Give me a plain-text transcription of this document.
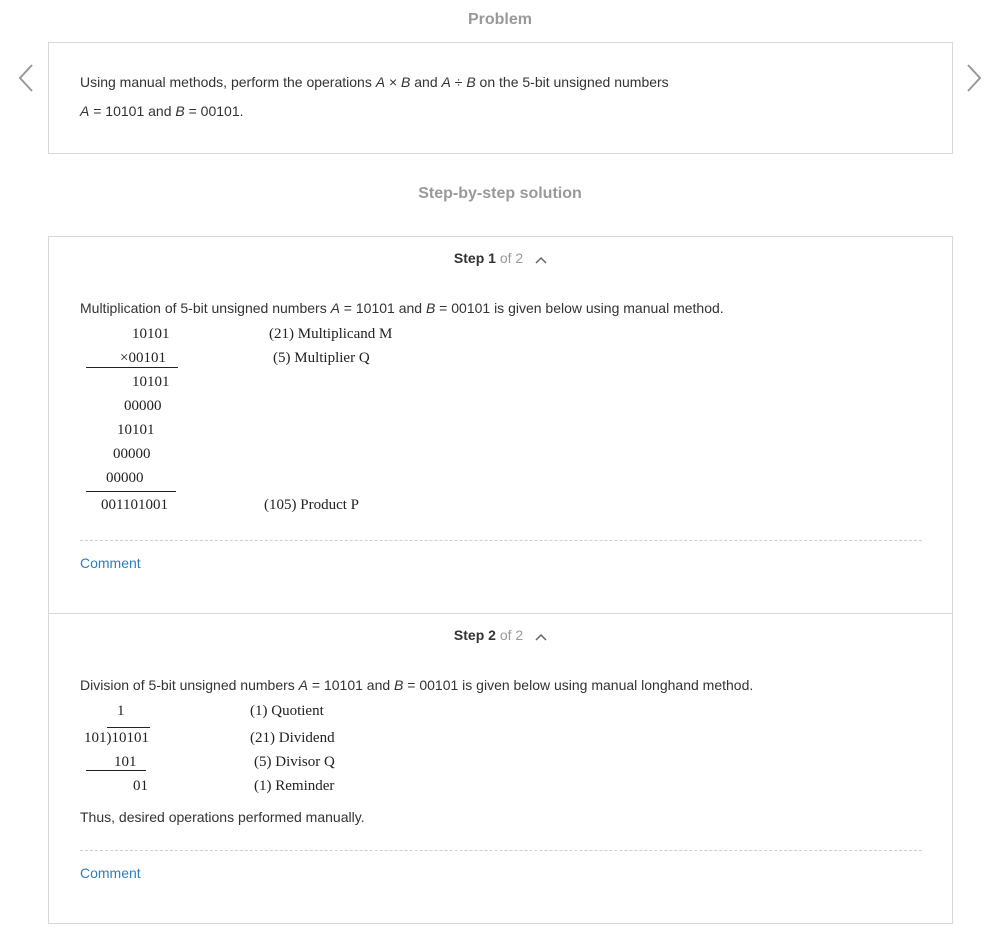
Problem
Using manual methods, perform the operations A × B and A ÷ B on the 5-bit unsigned numbers
A = 10101 and B = 00101.
Step-by-step solution
Step 1 of 2
Multiplication of 5-bit unsigned numbers A = 10101 and B = 00101 is given below using manual method.
10101	(21) Multiplicand M
×00101	(5) Multiplier Q
10101
00000
10101
00000
00000
001101001	(105) Product P
Comment
Step 2 of 2
Division of 5-bit unsigned numbers A = 10101 and B = 00101 is given below using manual longhand method.
1	(1) Quotient
101)10101	(21) Dividend
101	(5) Divisor Q
01	(1) Reminder
Thus, desired operations performed manually.
Comment
